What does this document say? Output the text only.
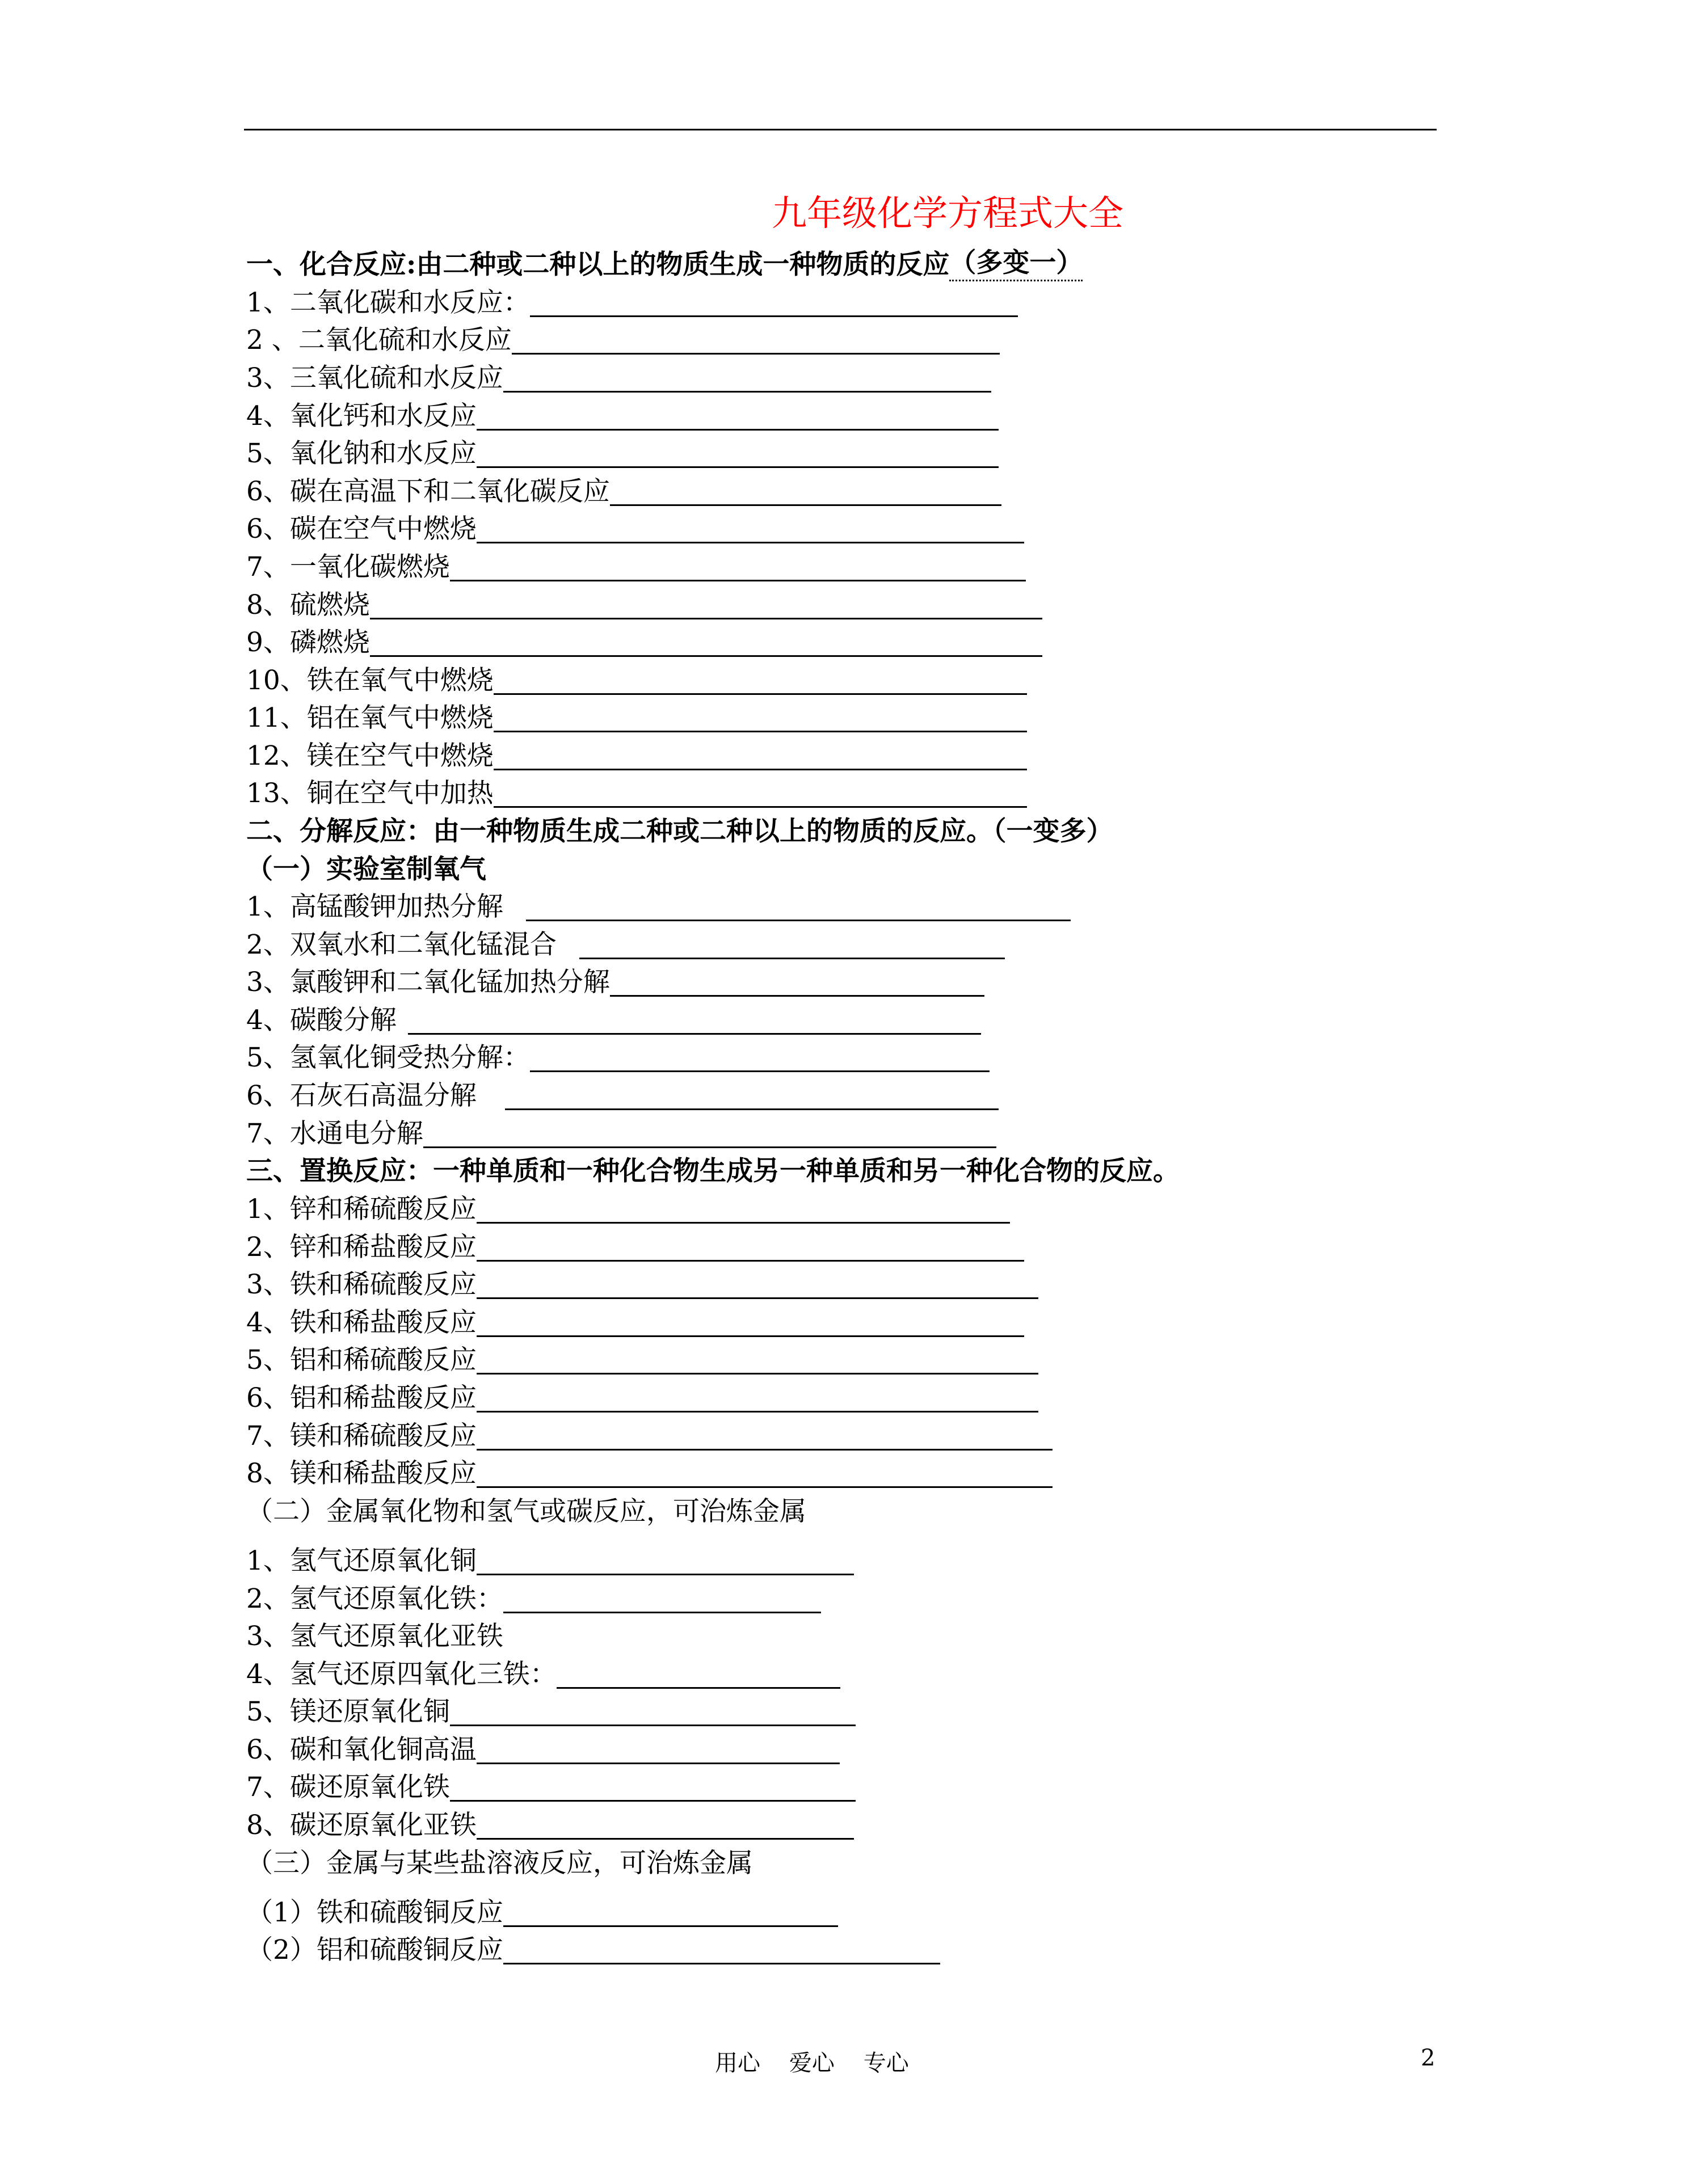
九年级化学方程式大全
一、化合反应:由二种或二种以上的物质生成一种物质的反应 （多变一）
1、二氧化碳和水反应：
2 、二氧化硫和水反应
3、三氧化硫和水反应
4、氧化钙和水反应
5、氧化钠和水反应
6、碳在高温下和二氧化碳反应
6、碳在空气中燃烧
7、一氧化碳燃烧
8、硫燃烧
9、磷燃烧
10、铁在氧气中燃烧
11、铝在氧气中燃烧
12、镁在空气中燃烧
13、铜在空气中加热
二、分解反应：由一种物质生成二种或二种以上的物质的反应。（一变多）
（一）实验室制氧气
1、高锰酸钾加热分解
2、双氧水和二氧化锰混合
3、氯酸钾和二氧化锰加热分解
4、碳酸分解
5、氢氧化铜受热分解：
6、石灰石高温分解
7、水通电分解
三、置换反应：一种单质和一种化合物生成另一种单质和另一种化合物的反应。
1、锌和稀硫酸反应
2、锌和稀盐酸反应
3、铁和稀硫酸反应
4、铁和稀盐酸反应
5、铝和稀硫酸反应
6、铝和稀盐酸反应
7、镁和稀硫酸反应
8、镁和稀盐酸反应
（二）金属氧化物和氢气或碳反应，可治炼金属
1、氢气还原氧化铜
2、氢气还原氧化铁：
3、氢气还原氧化亚铁
4、氢气还原四氧化三铁：
5、镁还原氧化铜
6、碳和氧化铜高温
7、碳还原氧化铁
8、碳还原氧化亚铁
（三）金属与某些盐溶液反应，可治炼金属
（1）铁和硫酸铜反应
（2）铝和硫酸铜反应
用心    爱心    专心	2
